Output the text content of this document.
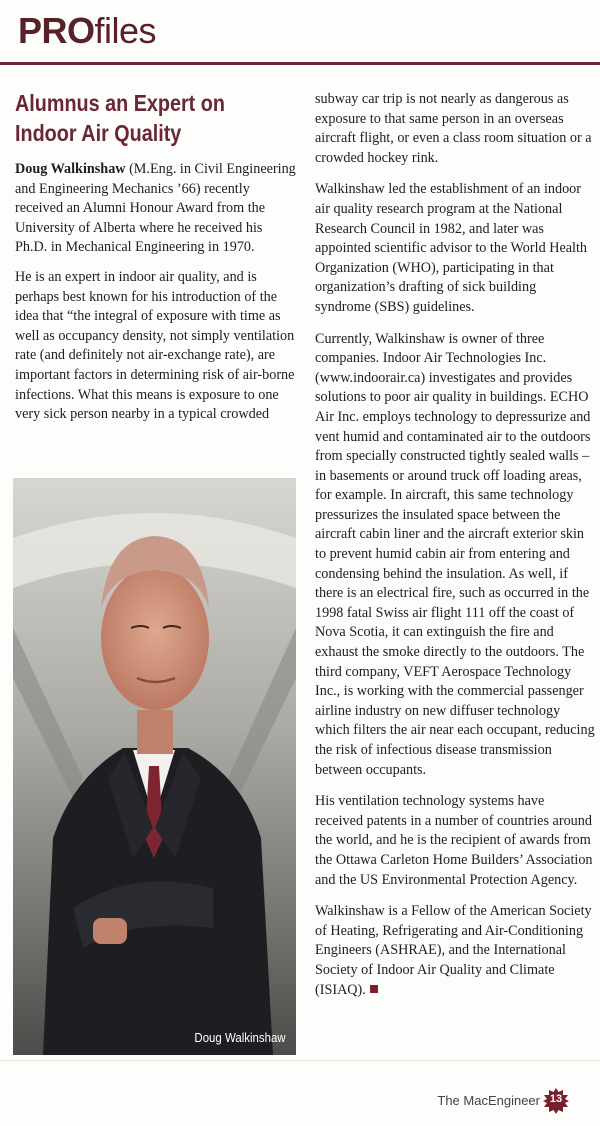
PROfiles
Alumnus an Expert on Indoor Air Quality

Doug Walkinshaw (M.Eng. in Civil Engineering and Engineering Mechanics ’66) recently received an Alumni Honour Award from the University of Alberta where he received his Ph.D. in Mechanical Engineering in 1970.

He is an expert in indoor air quality, and is perhaps best known for his introduction of the idea that “the integral of exposure with time as well as occupancy density, not simply ventilation rate (and definitely not air-exchange rate), are important factors in determining risk of air-borne infections. What this means is exposure to one very sick person nearby in a typical crowded

Doug Walkinshaw

subway car trip is not nearly as dangerous as exposure to that same person in an overseas aircraft flight, or even a class room situation or a crowded hockey rink.

Walkinshaw led the establishment of an indoor air quality research program at the National Research Council in 1982, and later was appointed scientific advisor to the World Health Organization (WHO), participating in that organization’s drafting of sick building syndrome (SBS) guidelines.

Currently, Walkinshaw is owner of three companies. Indoor Air Technologies Inc. (www.indoorair.ca) investigates and provides solutions to poor air quality in buildings. ECHO Air Inc. employs technology to depressurize and vent humid and contaminated air to the outdoors from specially constructed tightly sealed walls – in basements or around truck off loading areas, for example. In aircraft, this same technology pressurizes the insulated space between the aircraft cabin liner and the aircraft exterior skin to prevent humid cabin air from entering and condensing behind the insulation. As well, if there is an electrical fire, such as occurred in the 1998 fatal Swiss air flight 111 off the coast of Nova Scotia, it can extinguish the fire and exhaust the smoke directly to the outdoors. The third company, VEFT Aerospace Technology Inc., is working with the commercial passenger airline industry on new diffuser technology which filters the air near each occupant, reducing the risk of infectious disease transmission between occupants.

His ventilation technology systems have received patents in a number of countries around the world, and he is the recipient of awards from the Ottawa Carleton Home Builders’ Association and the US Environmental Protection Agency.

Walkinshaw is a Fellow of the American Society of Heating, Refrigerating and Air-Conditioning Engineers (ASHRAE), and the International Society of Indoor Air Quality and Climate (ISIAQ).

The MacEngineer 13
